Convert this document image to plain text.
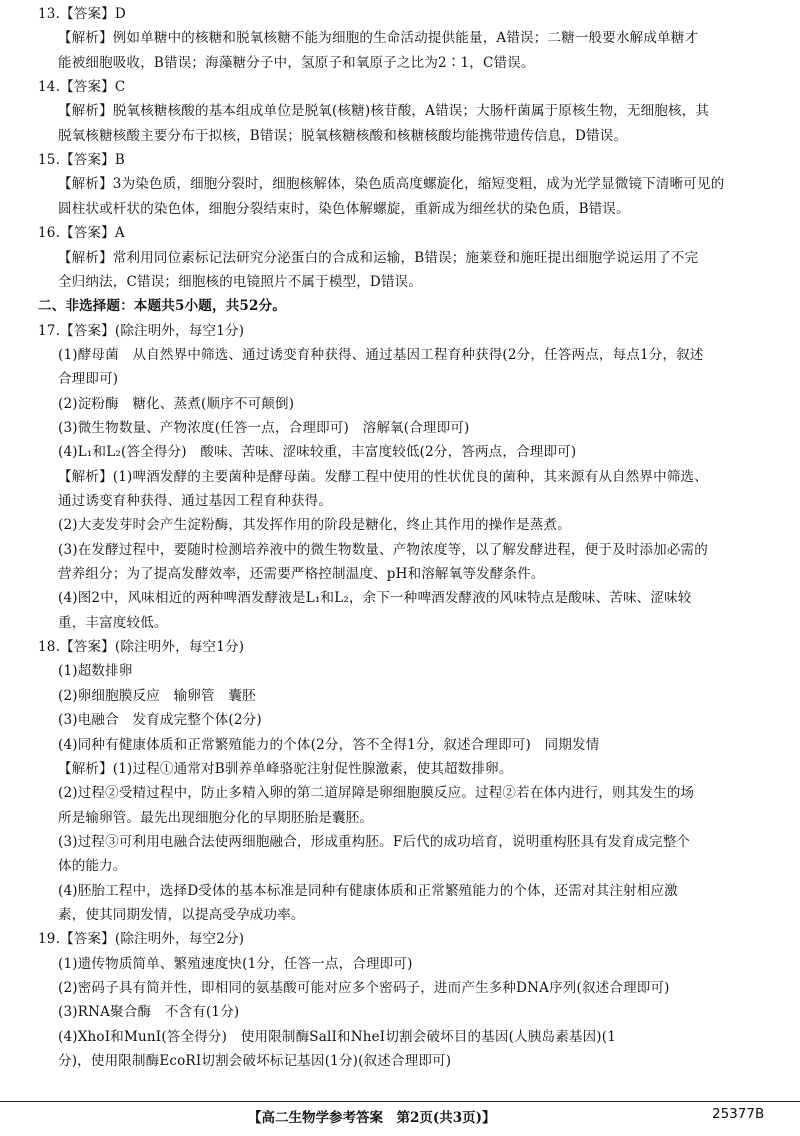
13.【答案】D
【解析】例如单糖中的核糖和脱氧核糖不能为细胞的生命活动提供能量，A错误；二糖一般要水解成单糖才
能被细胞吸收，B错误；海藻糖分子中，氢原子和氧原子之比为2∶1，C错误。
14.【答案】C
【解析】脱氧核糖核酸的基本组成单位是脱氧(核糖)核苷酸，A错误；大肠杆菌属于原核生物，无细胞核，其
脱氧核糖核酸主要分布于拟核，B错误；脱氧核糖核酸和核糖核酸均能携带遗传信息，D错误。
15.【答案】B
【解析】3为染色质，细胞分裂时，细胞核解体，染色质高度螺旋化，缩短变粗，成为光学显微镜下清晰可见的
圆柱状或杆状的染色体，细胞分裂结束时，染色体解螺旋，重新成为细丝状的染色质，B错误。
16.【答案】A
【解析】常利用同位素标记法研究分泌蛋白的合成和运输，B错误；施莱登和施旺提出细胞学说运用了不完
全归纳法，C错误；细胞核的电镜照片不属于模型，D错误。
二、非选择题：本题共5小题，共52分。
17.【答案】(除注明外，每空1分)
(1)酵母菌　从自然界中筛选、通过诱变育种获得、通过基因工程育种获得(2分，任答两点，每点1分，叙述
合理即可)
(2)淀粉酶　糖化、蒸煮(顺序不可颠倒)
(3)微生物数量、产物浓度(任答一点，合理即可)　溶解氧(合理即可)
(4)L₁和L₂(答全得分)　酸味、苦味、涩味较重，丰富度较低(2分，答两点，合理即可)
【解析】(1)啤酒发酵的主要菌种是酵母菌。发酵工程中使用的性状优良的菌种，其来源有从自然界中筛选、
通过诱变育种获得、通过基因工程育种获得。
(2)大麦发芽时会产生淀粉酶，其发挥作用的阶段是糖化，终止其作用的操作是蒸煮。
(3)在发酵过程中，要随时检测培养液中的微生物数量、产物浓度等，以了解发酵进程，便于及时添加必需的
营养组分；为了提高发酵效率，还需要严格控制温度、pH和溶解氧等发酵条件。
(4)图2中，风味相近的两种啤酒发酵液是L₁和L₂，余下一种啤酒发酵液的风味特点是酸味、苦味、涩味较
重，丰富度较低。
18.【答案】(除注明外，每空1分)
(1)超数排卵
(2)卵细胞膜反应　输卵管　囊胚
(3)电融合　发育成完整个体(2分)
(4)同种有健康体质和正常繁殖能力的个体(2分，答不全得1分，叙述合理即可)　同期发情
【解析】(1)过程①通常对B驯养单峰骆驼注射促性腺激素，使其超数排卵。
(2)过程②受精过程中，防止多精入卵的第二道屏障是卵细胞膜反应。过程②若在体内进行，则其发生的场
所是输卵管。最先出现细胞分化的早期胚胎是囊胚。
(3)过程③可利用电融合法使两细胞融合，形成重构胚。F后代的成功培育，说明重构胚具有发育成完整个
体的能力。
(4)胚胎工程中，选择D受体的基本标准是同种有健康体质和正常繁殖能力的个体，还需对其注射相应激
素，使其同期发情，以提高受孕成功率。
19.【答案】(除注明外，每空2分)
(1)遗传物质简单、繁殖速度快(1分，任答一点，合理即可)
(2)密码子具有简并性，即相同的氨基酸可能对应多个密码子，进而产生多种DNA序列(叙述合理即可)
(3)RNA聚合酶　不含有(1分)
(4)XhoⅠ和MunⅠ(答全得分)　使用限制酶SalⅠ和NheⅠ切割会破坏目的基因(人胰岛素基因)(1
分)，使用限制酶EcoRⅠ切割会破坏标记基因(1分)(叙述合理即可)
【高二生物学参考答案　第2页(共3页)】	25377B
